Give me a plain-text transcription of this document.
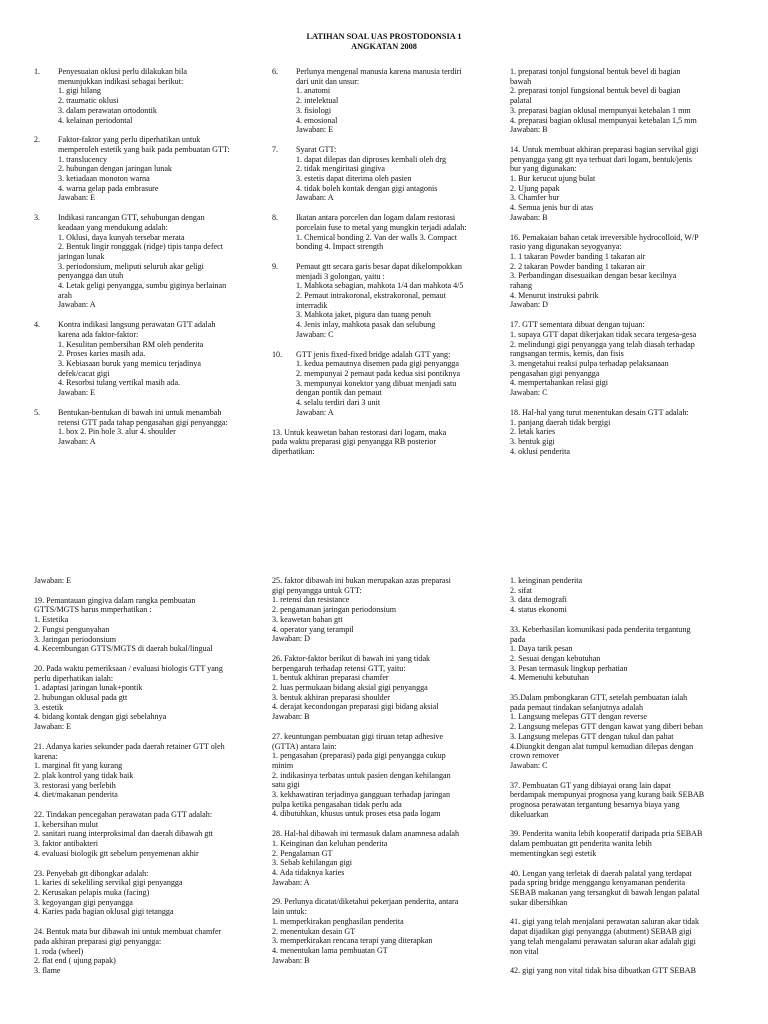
LATIHAN SOAL UAS PROSTODONSIA 1
ANGKATAN 2008
1. Penyesuaian oklusi perlu dilakukan bila
menunjukkan indikasi sebagai berikut:
1. gigi hilang
2. traumatic oklusi
3. dalam perawatan ortodontik
4. kelainan periodontal
2. Faktor-faktor yang perlu diperhatikan untuk
memperoleh estetik yang baik pada pembuatan GTT:
1. translucency
2. hubungan dengan jaringan lunak
3. ketiadaan monoton warna
4. warna gelap pada embrasure
Jawaban: E
3. Indikasi rancangan GTT, sehubungan dengan
keadaan yang mendukung adalah:
1. Oklusi, daya kunyah tersebar merata
2. Bentuk lingir rongggak (ridge) tipis tanpa defect
jaringan lunak
3. periodonsium, meliputi seluruh akar geligi
penyangga dan utuh
4. Letak geligi penyangga, sumbu giginya berlainan
arah
Jawaban: A
4. Kontra indikasi langsung perawatan GTT adalah
karena ada faktor-faktor:
1. Kesulitan pembersihan RM oleh penderita
2. Proses karies masih ada.
3. Kebiasaan buruk yang memicu terjadinya
defek/cacat gigi
4. Resorbsi tulang vertikal masih ada.
Jawaban: E
5. Bentukan-bentukan di bawah ini untuk menambah
retensi GTT pada tahap pengasahan gigi penyangga:
1. box 2. Pin hole 3. alur 4. shoulder
Jawaban: A
6. Perlunya mengenal manusia karena manusia terdiri
dari unit dan unsur:
1. anatomi
2. intelektual
3. fisiologi
4. emosional
Jawaban: E
7. Syarat GTT:
1. dapat dilepas dan diproses kembali oleh drg
2. tidak mengiritasi gingiva
3. estetis dapat diterima oleh pasien
4. tidak boleh kontak dengan gigi antagonis
Jawaban: A
8. Ikatan antara porcelen dan logam dalam restorasi
porcelain fuse to metal yang mungkin terjadi adalah:
1. Chemical bonding 2. Van der walls 3. Compact
bonding 4. Impact strength
9. Pemaut gtt secara garis besar dapat dikelompokkan
menjadi 3 golongan, yaitu :
1. Mahkota sebagian, mahkota 1/4 dan mahkota 4/5
2. Pemaut intrakoronal, ekstrakoronal, pemaut
interradik
3. Mahkota jaket, pigura dan tuang penuh
4. Jenis inlay, mahkota pasak dan selubung
Jawaban: C
10. GTT jenis fixed-fixed bridge adalah GTT yang:
1. kedua pemautnya disemen pada gigi penyangga
2. mempunyai 2 pemaut pada kedua sisi pontiknya
3. mempunyai konektor yang dibuat menjadi satu
dengan pontik dan pemaut
4. selalu terdiri dari 3 unit
Jawaban: A
13. Untuk keawetan bahan restorasi dari logam, maka
pada waktu preparasi gigi penyangga RB posterior
diperhatikan:
1. preparasi tonjol fungsional bentuk bevel di bagian
bawah
2. preparasi tonjol fungsional bentuk bevel di bagian
palatal
3. preparasi bagian oklusal mempunyai ketebalan 1 mm
4. preparasi bagian oklusal mempunyai ketebalan 1,5 mm
Jawaban: B
14. Untuk membuat akhiran preparasi bagian servikal gigi
penyangga yang gtt nya terbuat dari logam, bentuk/jenis
bur yang digunakan:
1. Bur kerucut ujung bulat
2. Ujung papak
3. Chamfer bur
4. Semua jenis bur di atas
Jawaban: B
16. Pemakaian bahan cetak irreversible hydrocolloid, W/P
rasio yang digunakan seyogyanya:
1. 1 takaran Powder banding 1 takaran air
2. 2 takaran Powder banding 1 takaran air
3. Perbandingan disesuaikan dengan besar kecilnya
rahang
4. Menurut instruksi pabrik
Jawaban: D
17. GTT sementara dibuat dengan tujuan:
1. supaya GTT dapat dikerjakan tidak secara tergesa-gesa
2. melindungi gigi penyangga yang telah diasah terhadap
rangsangan termis, kemis, dan fisis
3. mengetahui reaksi pulpa terhadap pelaksanaan
pengasahan gigi penyangga
4. mempertahankan relasi gigi
Jawaban: C
18. Hal-hal yang turut menentukan desain GTT adalah:
1. panjang daerah tidak bergigi
2. letak karies
3. bentuk gigi
4. oklusi penderita
Jawaban: E
19. Pemantauan gingiva dalam rangka pembuatan
GTTS/MGTS harus mmperhatikan :
1. Estetika
2. Fungsi pengunyahan
3. Jaringan periodonsium
4. Kecembungan GTTS/MGTS di daerah bukal/lingual
20. Pada waktu pemeriksaan / evaluasi biologis GTT yang
perlu diperhatikan ialah:
1. adaptasi jaringan lunak+pontik
2. hubungan oklusal pada gtt
3. estetik
4. bidang kontak dengan gigi sebelahnya
Jawaban: E
21. Adanya karies sekunder pada daerah retainer GTT oleh
karena:
1. marginal fit yang kurang
2. plak kontrol yang tidak baik
3. restorasi yang berlebih
4. diet/makanan penderita
22. Tindakan pencegahan perawatan pada GTT adalah:
1. kebersihan mulut
2. sanitari ruang interproksimal dan daerah dibawah gtt
3. faktor antibakteri
4. evaluasi biologik gtt sebelum penyemenan akhir
23. Penyebab gtt dibongkar adalah:
1. karies di sekeliling servikal gigi penyangga
2. Kerusakan pelapis muka (facing)
3. kegoyangan gigi penyangga
4. Karies pada bagian oklusal gigi tetangga
24. Bentuk mata bur dibawah ini untuk membuat chamfer
pada akhiran preparasi gigi penyangga:
1. roda (wheel)
2. flat end ( ujung papak)
3. flame
25. faktor dibawah ini bukan merupakan azas preparasi
gigi penyangga untuk GTT:
1. retensi dan resistance
2. pengamanan jaringan periodonsium
3. keawetan bahan gtt
4. operator yang terampil
Jawaban: D
26. Faktor-faktor berikut di bawah ini yang tidak
berpengaruh terhadap retensi GTT, yaitu:
1. bentuk akhiran preparasi chamfer
2. luas permukaan bidang aksial gigi penyangga
3. bentuk akhiran preparasi shoulder
4. derajat kecondongan preparasi gigi bidang aksial
Jawaban: B
27. keuntungan pembuatan gigi tiruan tetap adhesive
(GTTA) antara lain:
1. pengasahan (preparasi) pada gigi penyangga cukup
minim
2. indikasinya terbatas untuk pasien dengan kehilangan
satu gigi
3. kekhawatiran terjadinya gangguan terhadap jaringan
pulpa ketika pengasahan tidak perlu ada
4. dibutuhkan, khusus untuk proses etsa pada logam
28. Hal-hal dibawah ini termasuk dalam anamnesa adalah
1. Keinginan dan keluhan penderita
2. Pengalaman GT
3. Sebab kehilangan gigi
4. Ada tidaknya karies
Jawaban: A
29. Perlunya dicatat/diketahui pekerjaan penderita, antara
lain untuk:
1. memperkirakan penghasilan penderita
2. menentukan desain GT
3. memperkirakan rencana terapi yang diterapkan
4. menentukan lama pembuatan GT
Jawaban: B
1. keinginan penderita
2. sifat
3. data demografi
4. status ekonomi
33. Keberhasilan komunikasi pada penderita tergantung
pada
1. Daya tarik pesan
2. Sesuai dengan kebutuhan
3. Pesan termasuk lingkup perhatian
4. Memenuhi kebutuhan
35.Dalam pmbongkaran GTT, setelah pembuatan ialah
pada pemaut tindakan selanjutnya adalah
1. Langsung melepas GTT dengan reverse
2. Langsung melepas GTT dengan kawat yang diberi beban
3. Langsung melepas GTT dengan tukul dan pahat
4.Diungkit dengan alat tumpul kemudian dilepas dengan
crown remover
Jawaban: C
37. Pembuatan GT yang dibiayai orang lain dapat
berdampak mempunyai prognosa yang kurang baik SEBAB
prognosa perawatan tergantung besarnya biaya yang
dikeluarkan
39. Penderita wanita lebih kooperatif daripada pria SEBAB
dalam pembuatan gtt penderita wanita lebih
mementingkan segi estetik
40. Lengan yang terletak di daerah palatal yang terdapat
pada spring bridge menggangu kenyamanan penderita
SEBAB makanan yang tersangkut di bawah lengan palatal
sukar dibersihkan
41. gigi yang telah menjalani perawatan saluran akar tidak
dapat dijadikan gigi penyangga (abutment) SEBAB gigi
yang telah mengalami perawatan saluran akar adalah gigi
non vital
42. gigi yang non vital tidak bisa dibuatkan GTT SEBAB
